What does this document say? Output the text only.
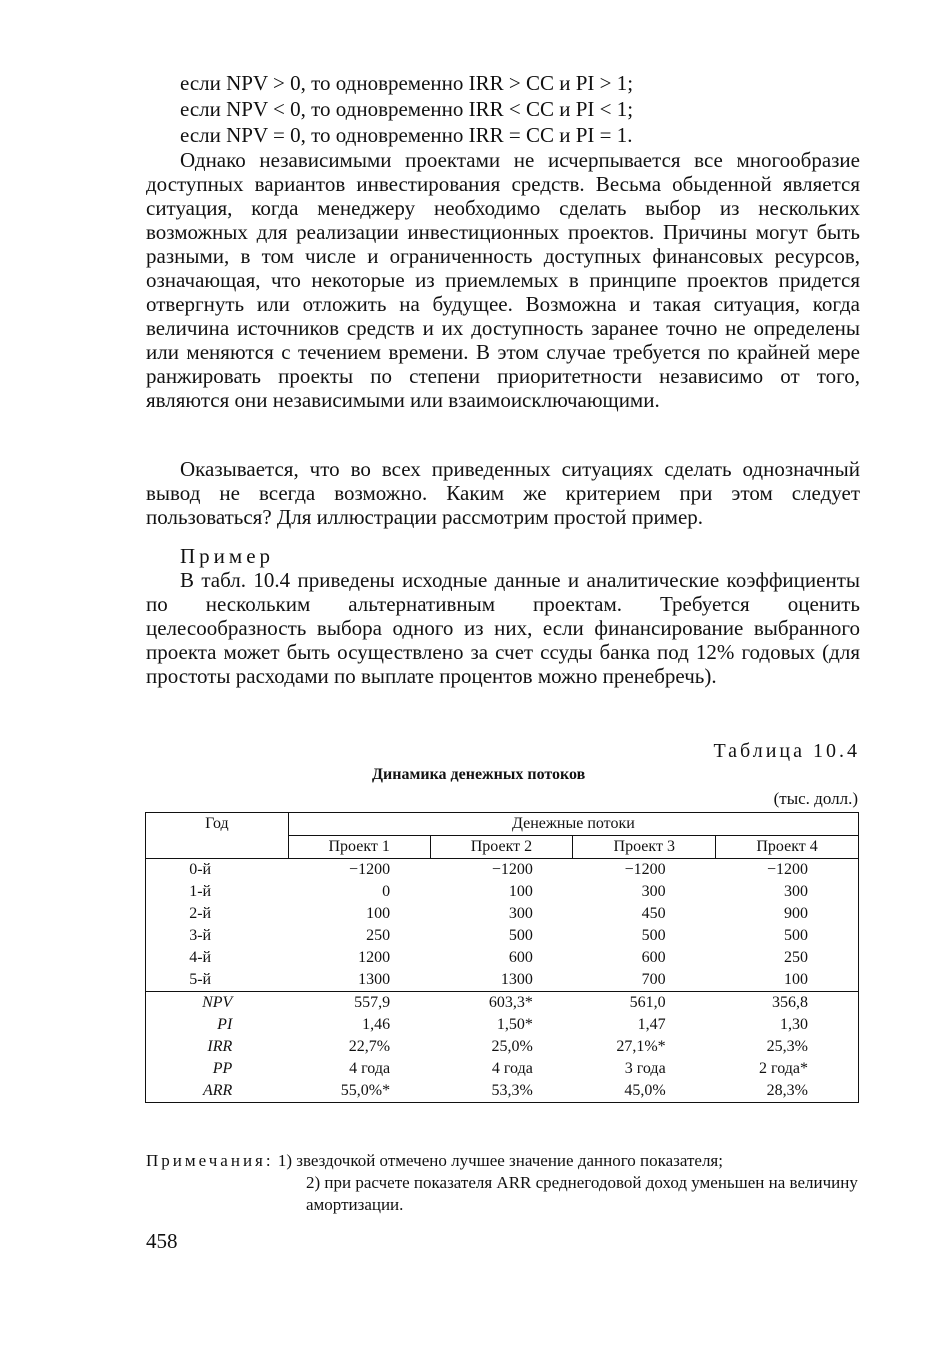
если NPV > 0, то одновременно IRR > CC и PI > 1;
если NPV < 0, то одновременно IRR < CC и PI < 1;
если NPV = 0, то одновременно IRR = CC и PI = 1.

Однако независимыми проектами не исчерпывается все многообразие доступных вариантов инвестирования средств. Весьма обыденной является ситуация, когда менеджеру необходимо сделать выбор из нескольких возможных для реализации инвестиционных проектов. Причины могут быть разными, в том числе и ограниченность доступных финансовых ресурсов, означающая, что некоторые из приемлемых в принципе проектов придется отвергнуть или отложить на будущее. Возможна и такая ситуация, когда величина источников средств и их доступность заранее точно не определены или меняются с течением времени. В этом случае требуется по крайней мере ранжировать проекты по степени приоритетности независимо от того, являются они независимыми или взаимоисключающими.

Оказывается, что во всех приведенных ситуациях сделать однозначный вывод не всегда возможно. Каким же критерием при этом следует пользоваться? Для иллюстрации рассмотрим простой пример.

Пример

В табл. 10.4 приведены исходные данные и аналитические коэффициенты по нескольким альтернативным проектам. Требуется оценить целесообразность выбора одного из них, если финансирование выбранного проекта может быть осуществлено за счет ссуды банка под 12% годовых (для простоты расходами по выплате процентов можно пренебречь).

Таблица 10.4
Динамика денежных потоков
(тыс. долл.)
Год	Денежные потоки			
	Проект 1	Проект 2	Проект 3	Проект 4
0-й	−1200	−1200	−1200	−1200
1-й	0	100	300	300
2-й	100	300	450	900
3-й	250	500	500	500
4-й	1200	600	600	250
5-й	1300	1300	700	100
NPV	557,9	603,3*	561,0	356,8
PI	1,46	1,50*	1,47	1,30
IRR	22,7%	25,0%	27,1%*	25,3%
PP	4 года	4 года	3 года	2 года*
ARR	55,0%*	53,3%	45,0%	28,3%
Примечания: 1) звездочкой отмечено лучшее значение данного показателя;
2) при расчете показателя ARR среднегодовой доход уменьшен на величину амортизации.
458
